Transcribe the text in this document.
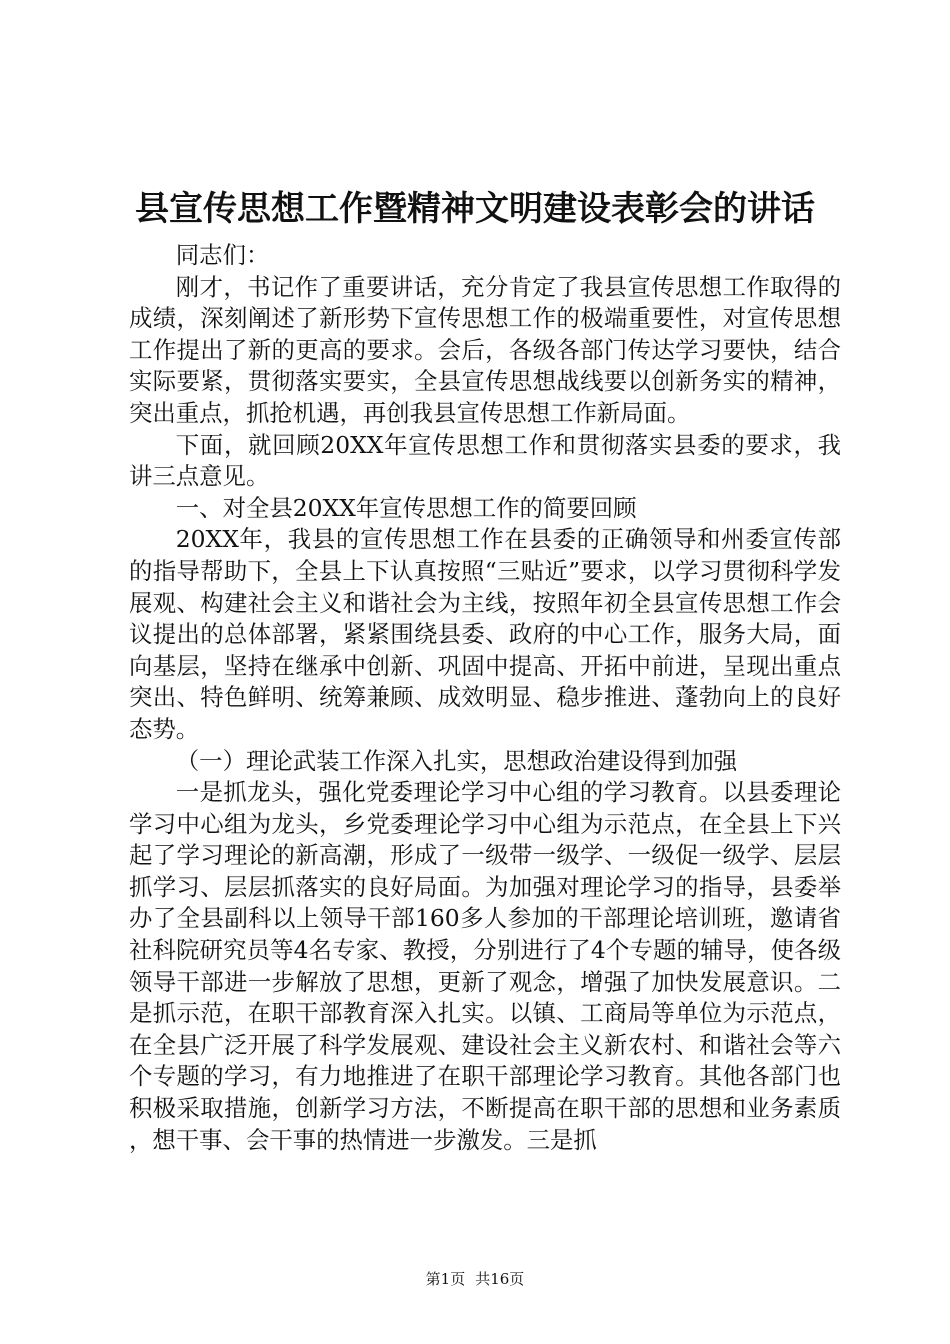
县宣传思想工作暨精神文明建设表彰会的讲话

同志们：

刚才，书记作了重要讲话，充分肯定了我县宣传思想工作取得的成绩，深刻阐述了新形势下宣传思想工作的极端重要性，对宣传思想工作提出了新的更高的要求。会后，各级各部门传达学习要快，结合实际要紧，贯彻落实要实，全县宣传思想战线要以创新务实的精神，突出重点，抓抢机遇，再创我县宣传思想工作新局面。

下面，就回顾20XX年宣传思想工作和贯彻落实县委的要求，我讲三点意见。

一、对全县20XX年宣传思想工作的简要回顾

20XX年，我县的宣传思想工作在县委的正确领导和州委宣传部的指导帮助下，全县上下认真按照“三贴近”要求，以学习贯彻科学发展观、构建社会主义和谐社会为主线，按照年初全县宣传思想工作会议提出的总体部署，紧紧围绕县委、政府的中心工作，服务大局，面向基层，坚持在继承中创新、巩固中提高、开拓中前进，呈现出重点突出、特色鲜明、统筹兼顾、成效明显、稳步推进、蓬勃向上的良好态势。

（一）理论武装工作深入扎实，思想政治建设得到加强

一是抓龙头，强化党委理论学习中心组的学习教育。以县委理论学习中心组为龙头，乡党委理论学习中心组为示范点，在全县上下兴起了学习理论的新高潮，形成了一级带一级学、一级促一级学、层层抓学习、层层抓落实的良好局面。为加强对理论学习的指导，县委举办了全县副科以上领导干部160多人参加的干部理论培训班，邀请省社科院研究员等4名专家、教授，分别进行了4个专题的辅导，使各级领导干部进一步解放了思想，更新了观念，增强了加快发展意识。二是抓示范，在职干部教育深入扎实。以镇、工商局等单位为示范点，在全县广泛开展了科学发展观、建设社会主义新农村、和谐社会等六个专题的学习，有力地推进了在职干部理论学习教育。其他各部门也积极采取措施，创新学习方法，不断提高在职干部的思想和业务素质，想干事、会干事的热情进一步激发。三是抓

第1页 共16页
